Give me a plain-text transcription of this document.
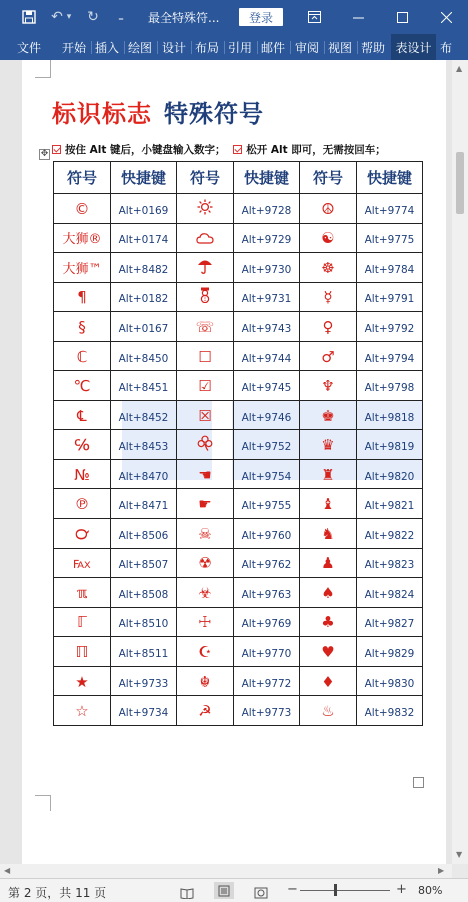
↶ ▾ ↻	₌	最全特殊符...	登录
文件 开始 插入 绘图 设计 布局 引用 邮件 审阅 视图 帮助 表设计 布
标识标志 特殊符号
按住 Alt 键后，小键盘输入数字； 松开 Alt 即可，无需按回车；
✥
符号	快捷键	符号	快捷键	符号	快捷键
©	Alt+0169		Alt+9728	☮	Alt+9774
大狮®	Alt+0174		Alt+9729	☯	Alt+9775
大狮™	Alt+8482		Alt+9730	☸	Alt+9784
¶	Alt+0182		Alt+9731	☿	Alt+9791
§	Alt+0167	☏	Alt+9743	♀	Alt+9792
ℂ	Alt+8450	☐	Alt+9744	♂	Alt+9794
℃	Alt+8451	☑	Alt+9745	♆	Alt+9798
℄	Alt+8452	☒	Alt+9746	♚	Alt+9818
℅	Alt+8453		Alt+9752	♛	Alt+9819
№	Alt+8470	☚	Alt+9754	♜	Alt+9820
℗	Alt+8471	☛	Alt+9755	♝	Alt+9821
℺	Alt+8506	☠	Alt+9760	♞	Alt+9822
℻	Alt+8507	☢	Alt+9762	♟	Alt+9823
ℼ	Alt+8508	☣	Alt+9763	♠	Alt+9824
ℾ	Alt+8510	☩	Alt+9769	♣	Alt+9827
ℿ	Alt+8511	☪	Alt+9770	♥	Alt+9829
★	Alt+9733	☬	Alt+9772	♦	Alt+9830
☆	Alt+9734	☭	Alt+9773	♨	Alt+9832
▲
▼
◀	▶
第 2 页，共 11 页	−	+ 80%
